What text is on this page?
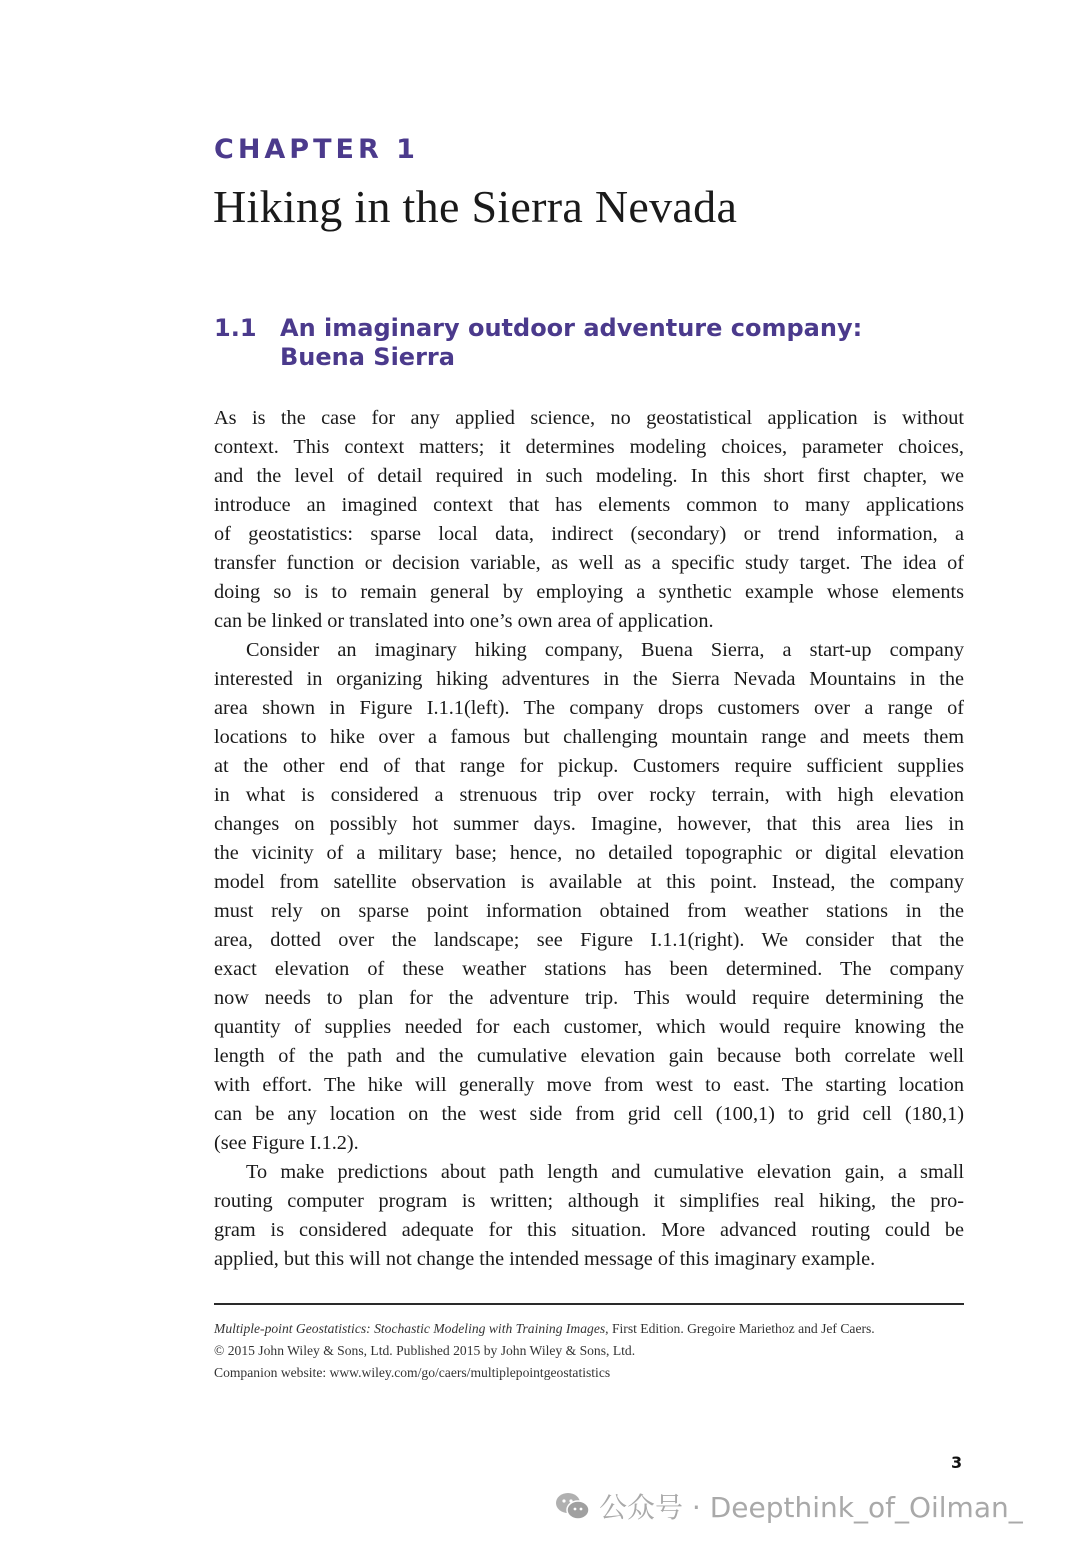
CHAPTER 1
Hiking in the Sierra Nevada
1.1 An imaginary outdoor adventure company:
Buena Sierra
As is the case for any applied science, no geostatistical application is without
context. This context matters; it determines modeling choices, parameter choices,
and the level of detail required in such modeling. In this short first chapter, we
introduce an imagined context that has elements common to many applications
of geostatistics: sparse local data, indirect (secondary) or trend information, a
transfer function or decision variable, as well as a specific study target. The idea of
doing so is to remain general by employing a synthetic example whose elements
can be linked or translated into one’s own area of application.
Consider an imaginary hiking company, Buena Sierra, a start-up company
interested in organizing hiking adventures in the Sierra Nevada Mountains in the
area shown in Figure I.1.1(left). The company drops customers over a range of
locations to hike over a famous but challenging mountain range and meets them
at the other end of that range for pickup. Customers require sufficient supplies
in what is considered a strenuous trip over rocky terrain, with high elevation
changes on possibly hot summer days. Imagine, however, that this area lies in
the vicinity of a military base; hence, no detailed topographic or digital elevation
model from satellite observation is available at this point. Instead, the company
must rely on sparse point information obtained from weather stations in the
area, dotted over the landscape; see Figure I.1.1(right). We consider that the
exact elevation of these weather stations has been determined. The company
now needs to plan for the adventure trip. This would require determining the
quantity of supplies needed for each customer, which would require knowing the
length of the path and the cumulative elevation gain because both correlate well
with effort. The hike will generally move from west to east. The starting location
can be any location on the west side from grid cell (100,1) to grid cell (180,1)
(see Figure I.1.2).
To make predictions about path length and cumulative elevation gain, a small
routing computer program is written; although it simplifies real hiking, the pro-
gram is considered adequate for this situation. More advanced routing could be
applied, but this will not change the intended message of this imaginary example.
Multiple-point Geostatistics: Stochastic Modeling with Training Images, First Edition. Gregoire Mariethoz and Jef Caers.
© 2015 John Wiley & Sons, Ltd. Published 2015 by John Wiley & Sons, Ltd.
Companion website: www.wiley.com/go/caers/multiplepointgeostatistics
3
公众号 · Deepthink_of_Oilman_
